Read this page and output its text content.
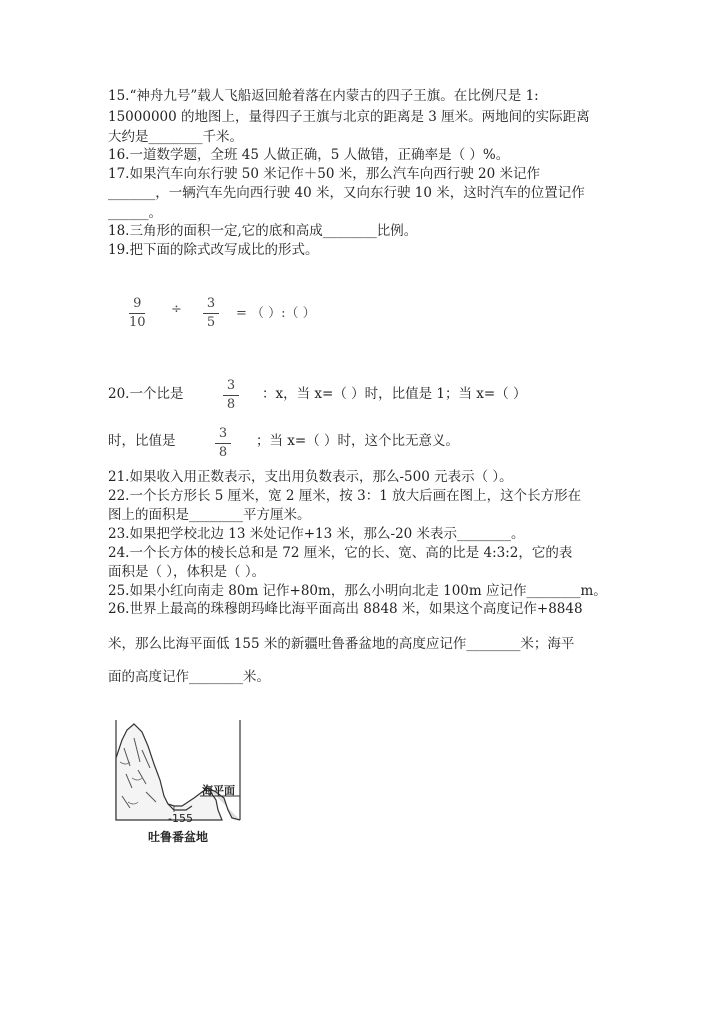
15.“神舟九号”载人飞船返回舱着落在内蒙古的四子王旗。在比例尺是 1:
15000000 的地图上，量得四子王旗与北京的距离是 3 厘米。两地间的实际距离
大约是________千米。
16.一道数学题，全班 45 人做正确，5 人做错，正确率是（ ）%。
17.如果汽车向东行驶 50 米记作＋50 米，那么汽车向西行驶 20 米记作
_______，一辆汽车先向西行驶 40 米，又向东行驶 10 米，这时汽车的位置记作
______。
18.三角形的面积一定,它的底和高成________比例。
19.把下面的除式改写成比的形式。
9
10
÷ 3
5
= （ ）:（ ）
20.一个比是
3
8
：x，当 x=（ ）时，比值是 1；当 x=（ ）
时，比值是	3
8
；当 x=（ ）时，这个比无意义。
21.如果收入用正数表示，支出用负数表示，那么-500 元表示（ ）。
22.一个长方形长 5 厘米，宽 2 厘米，按 3：1 放大后画在图上，这个长方形在
图上的面积是________平方厘米。
23.如果把学校北边 13 米处记作+13 米，那么-20 米表示________。
24.一个长方体的棱长总和是 72 厘米，它的长、宽、高的比是 4:3:2，它的表
面积是（ ），体积是（ ）。
25.如果小红向南走 80m 记作+80m，那么小明向北走 100m 应记作________m。
26.世界上最高的珠穆朗玛峰比海平面高出 8848 米，如果这个高度记作+8848
米，那么比海平面低 155 米的新疆吐鲁番盆地的高度应记作________米；海平
面的高度记作________米。
海平面
-155
吐鲁番盆地
